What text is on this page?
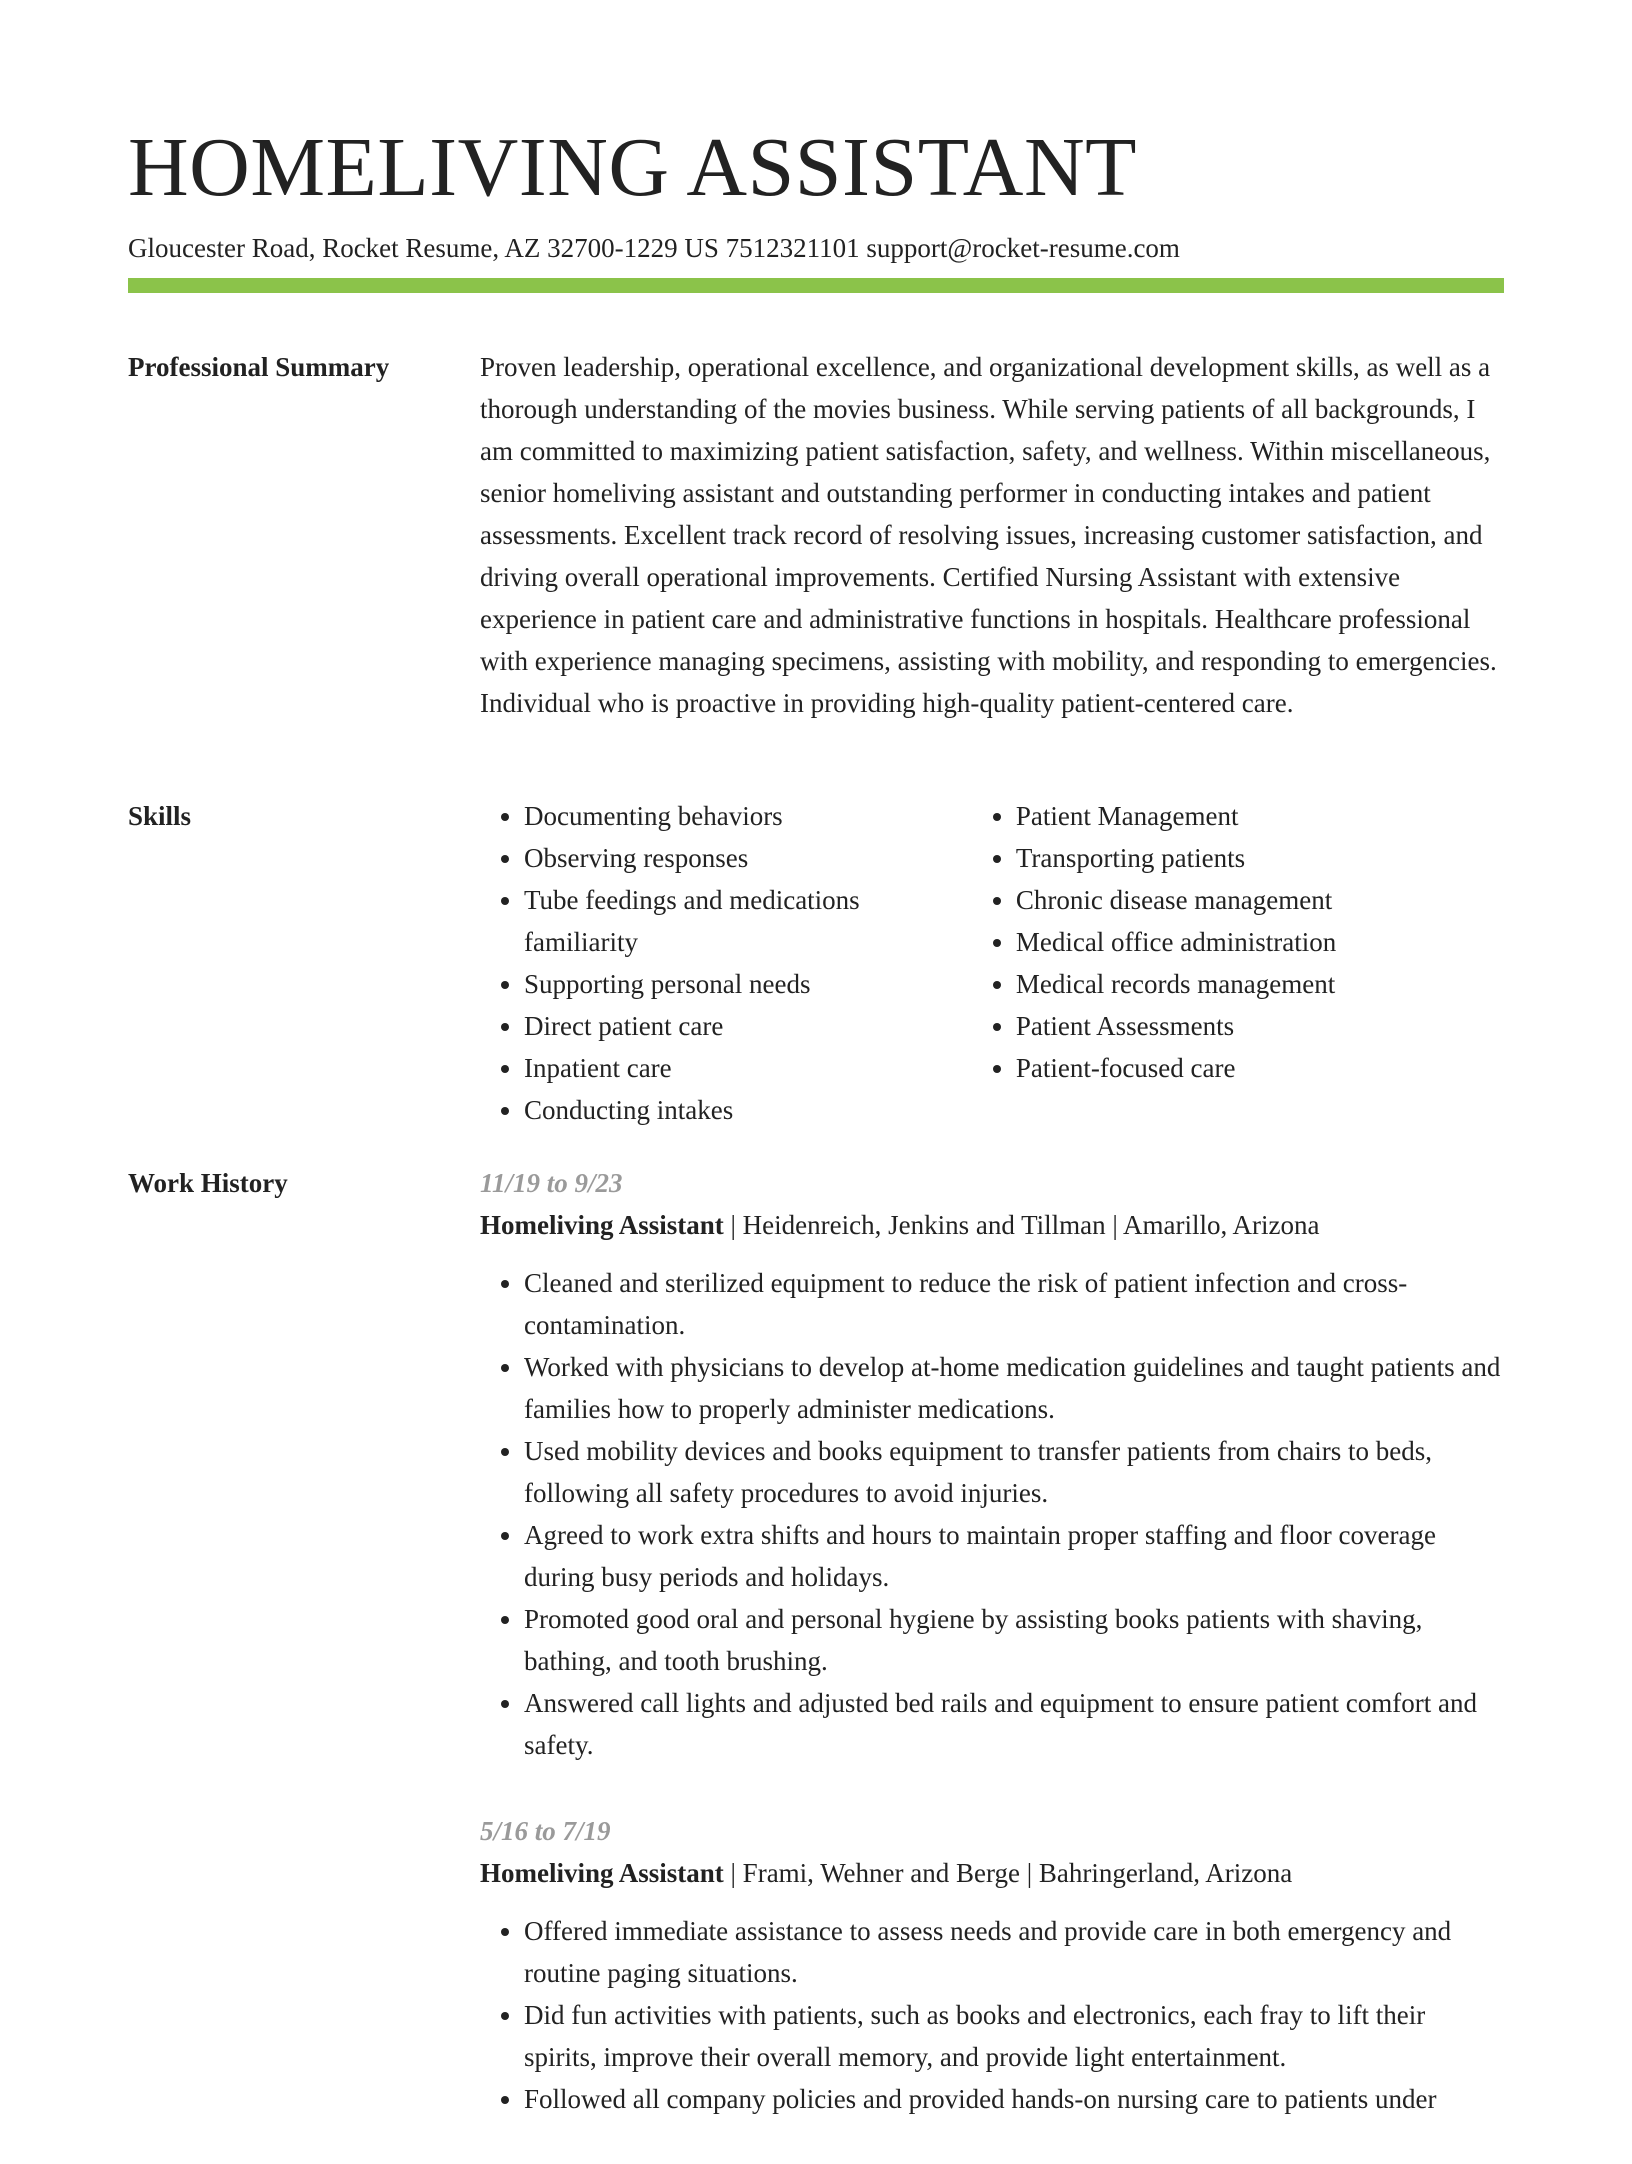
HOMELIVING ASSISTANT
Gloucester Road, Rocket Resume, AZ 32700-1229 US 7512321101 support@rocket-resume.com
Professional Summary	Proven leadership, operational excellence, and organizational development skills, as well as a thorough understanding of the movies business. While serving patients of all backgrounds, I am committed to maximizing patient satisfaction, safety, and wellness. Within miscellaneous, senior homeliving assistant and outstanding performer in conducting intakes and patient assessments. Excellent track record of resolving issues, increasing customer satisfaction, and driving overall operational improvements. Certified Nursing Assistant with extensive experience in patient care and administrative functions in hospitals. Healthcare professional with experience managing specimens, assisting with mobility, and responding to emergencies. Individual who is proactive in providing high-quality patient-centered care.

Skills
•	Documenting behaviors
• Observing responses
• Tube feedings and medications familiarity
• Supporting personal needs
• Direct patient care
• Inpatient care
• Conducting intakes
• Patient Management
• Transporting patients
• Chronic disease management
• Medical office administration
• Medical records management
• Patient Assessments
• Patient-focused care
Work History	11/19 to 9/23
Homeliving Assistant | Heidenreich, Jenkins and Tillman | Amarillo, Arizona
• Cleaned and sterilized equipment to reduce the risk of patient infection and cross-contamination.
• Worked with physicians to develop at-home medication guidelines and taught patients and families how to properly administer medications.
• Used mobility devices and books equipment to transfer patients from chairs to beds, following all safety procedures to avoid injuries.
• Agreed to work extra shifts and hours to maintain proper staffing and floor coverage during busy periods and holidays.
• Promoted good oral and personal hygiene by assisting books patients with shaving, bathing, and tooth brushing.
• Answered call lights and adjusted bed rails and equipment to ensure patient comfort and safety.
5/16 to 7/19
Homeliving Assistant | Frami, Wehner and Berge | Bahringerland, Arizona
• Offered immediate assistance to assess needs and provide care in both emergency and routine paging situations.
• Did fun activities with patients, such as books and electronics, each fray to lift their spirits, improve their overall memory, and provide light entertainment.
• Followed all company policies and provided hands-on nursing care to patients under
